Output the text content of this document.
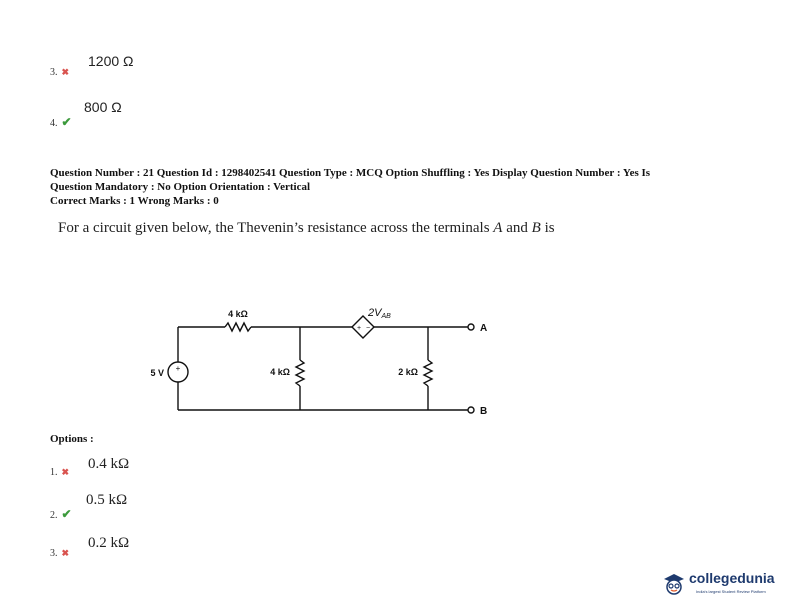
3. ✖
1200 Ω
4. ✔
800 Ω
Question Number : 21 Question Id : 1298402541 Question Type : MCQ Option Shuffling : Yes Display Question Number : Yes Is
Question Mandatory : No Option Orientation : Vertical
Correct Marks : 1 Wrong Marks : 0
For a circuit given below, the Thevenin’s resistance across the terminals A and B is
4 kΩ
4 kΩ	2 kΩ
5 V +
+ −
2VAB
A
B
Options :
1. ✖ 0.4 kΩ
2. ✔
0.5 kΩ
3. ✖
0.2 kΩ
collegedunia
India's largest Student Review Platform
